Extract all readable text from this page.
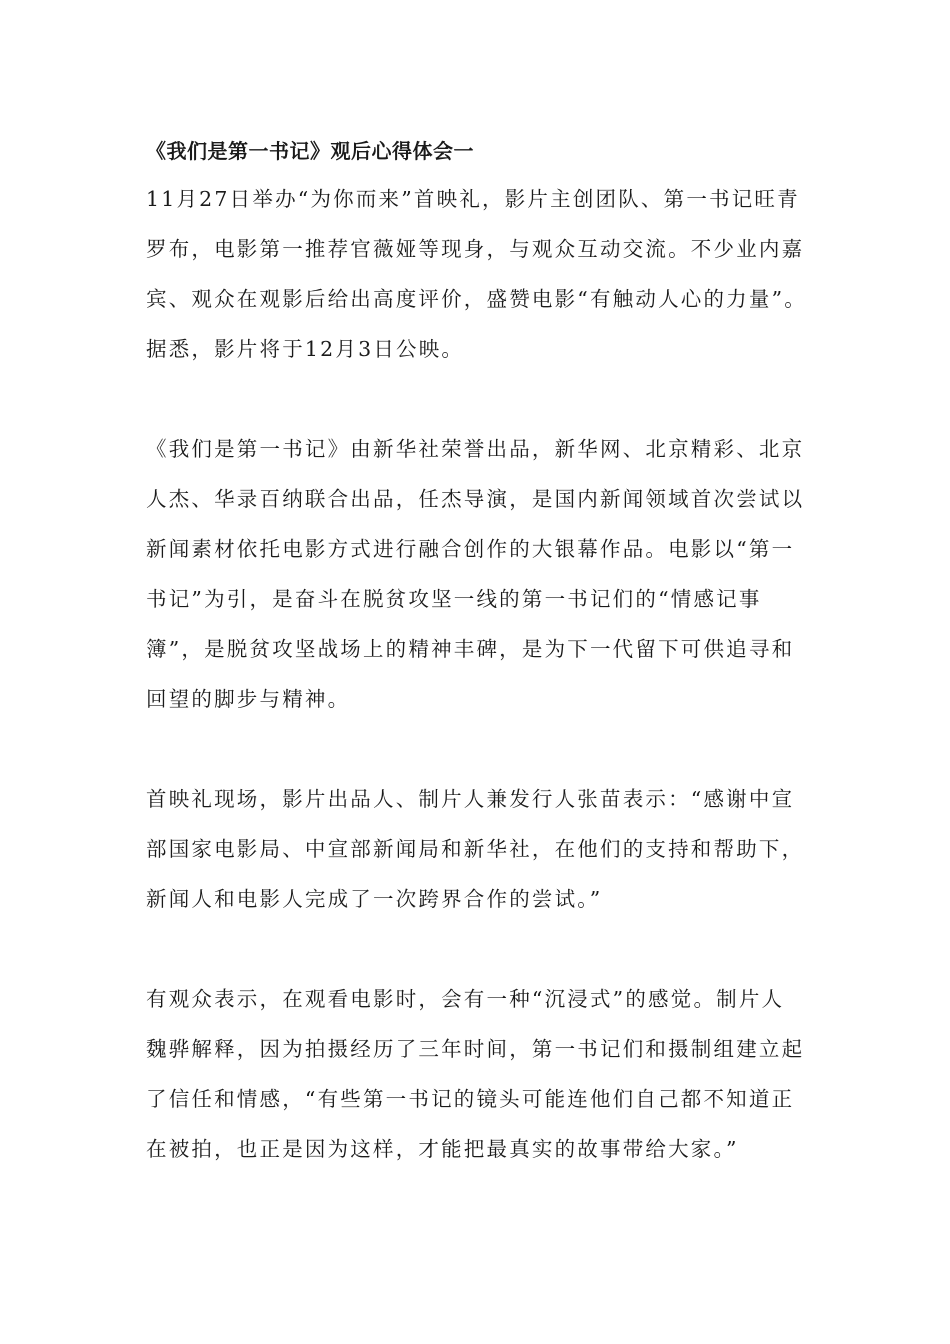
《我们是第一书记》观后心得体会一
11月27日举办“为你而来”首映礼，影片主创团队、第一书记旺青
罗布，电影第一推荐官薇娅等现身，与观众互动交流。不少业内嘉
宾、观众在观影后给出高度评价，盛赞电影“有触动人心的力量”。
据悉，影片将于12月3日公映。
《我们是第一书记》由新华社荣誉出品，新华网、北京精彩、北京
人杰、华录百纳联合出品，任杰导演，是国内新闻领域首次尝试以
新闻素材依托电影方式进行融合创作的大银幕作品。电影以“第一
书记”为引，是奋斗在脱贫攻坚一线的第一书记们的“情感记事
簿”，是脱贫攻坚战场上的精神丰碑，是为下一代留下可供追寻和
回望的脚步与精神。
首映礼现场，影片出品人、制片人兼发行人张苗表示：“感谢中宣
部国家电影局、中宣部新闻局和新华社，在他们的支持和帮助下，
新闻人和电影人完成了一次跨界合作的尝试。”
有观众表示，在观看电影时，会有一种“沉浸式”的感觉。制片人
魏骅解释，因为拍摄经历了三年时间，第一书记们和摄制组建立起
了信任和情感，“有些第一书记的镜头可能连他们自己都不知道正
在被拍，也正是因为这样，才能把最真实的故事带给大家。”
